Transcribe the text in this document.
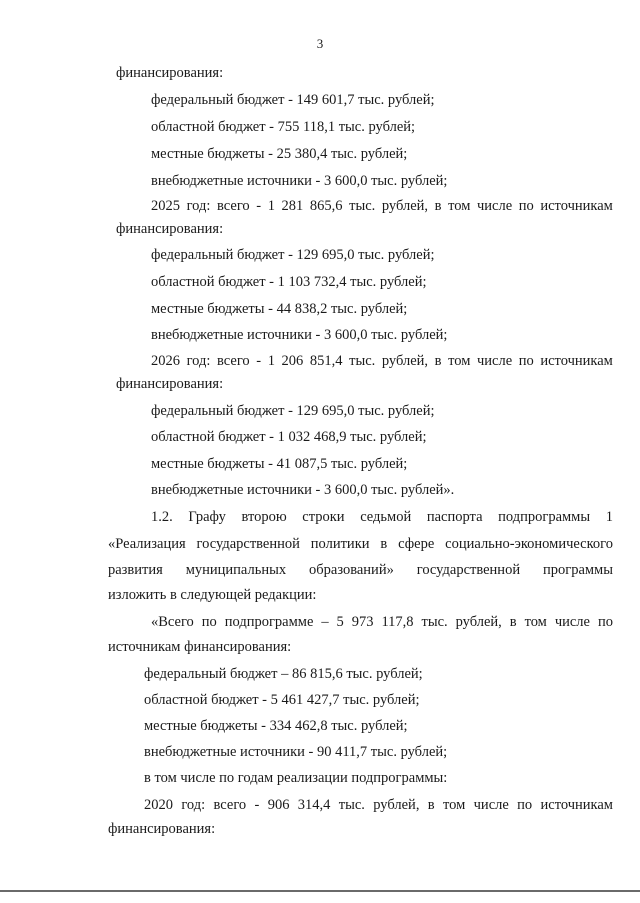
3
финансирования:
федеральный бюджет - 149 601,7 тыс. рублей;
областной бюджет - 755 118,1 тыс. рублей;
местные бюджеты - 25 380,4 тыс. рублей;
внебюджетные источники - 3 600,0 тыс. рублей;
2025 год: всего - 1 281 865,6 тыс. рублей, в том числе по источникам
финансирования:
федеральный бюджет - 129 695,0 тыс. рублей;
областной бюджет - 1 103 732,4 тыс. рублей;
местные бюджеты - 44 838,2 тыс. рублей;
внебюджетные источники - 3 600,0 тыс. рублей;
2026 год: всего - 1 206 851,4 тыс. рублей, в том числе по источникам
финансирования:
федеральный бюджет - 129 695,0 тыс. рублей;
областной бюджет - 1 032 468,9 тыс. рублей;
местные бюджеты - 41 087,5 тыс. рублей;
внебюджетные источники - 3 600,0 тыс. рублей».
1.2. Графу второю строки седьмой паспорта подпрограммы 1
«Реализация государственной политики в сфере социально-экономического
развития муниципальных образований» государственной программы
изложить в следующей редакции:
«Всего по подпрограмме – 5 973 117,8 тыс. рублей, в том числе по
источникам финансирования:
федеральный бюджет – 86 815,6 тыс. рублей;
областной бюджет - 5 461 427,7 тыс. рублей;
местные бюджеты - 334 462,8 тыс. рублей;
внебюджетные источники - 90 411,7 тыс. рублей;
в том числе по годам реализации подпрограммы:
2020 год: всего - 906 314,4 тыс. рублей, в том числе по источникам
финансирования:
